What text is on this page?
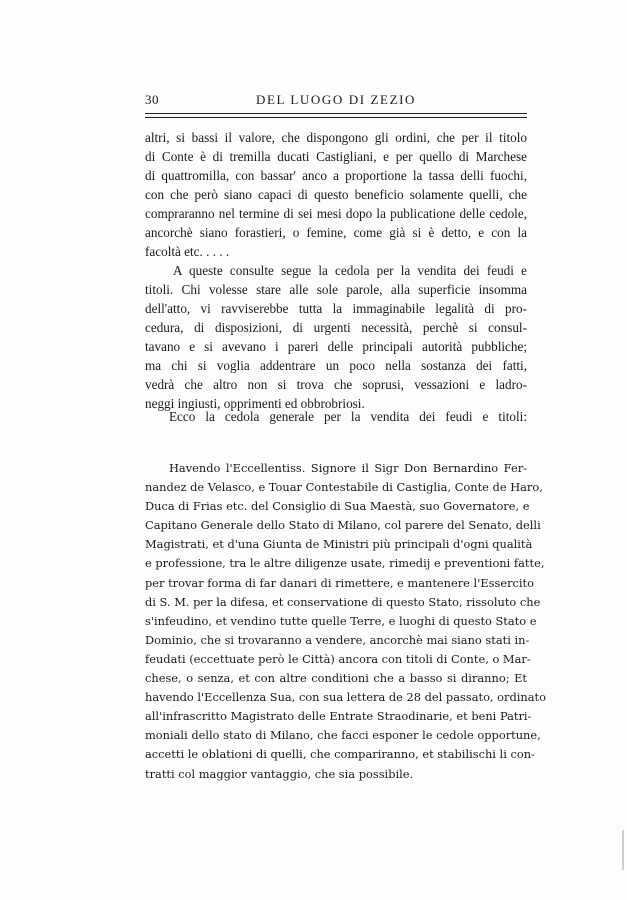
30	DEL LUOGO DI ZEZIO
altri, si bassi il valore, che dispongono gli ordini, che per il titolo
di Conte è di tremilla ducati Castigliani, e per quello di Marchese
di quattromilla, con bassar' anco a proportione la tassa delli fuochi,
con che però siano capaci di questo beneficio solamente quelli, che
compraranno nel termine di sei mesi dopo la publicatione delle cedole,
ancorchè siano forastieri, o femine, come già si è detto, e con la
facoltà etc. . . . .
A queste consulte segue la cedola per la vendita dei feudi e
titoli. Chi volesse stare alle sole parole, alla superficie insomma
dell'atto, vi ravviserebbe tutta la immaginabile legalità di pro-
cedura, di disposizioni, di urgenti necessità, perchè si consul-
tavano e si avevano i pareri delle principali autorità pubbliche;
ma chi si voglia addentrare un poco nella sostanza dei fatti,
vedrà che altro non si trova che soprusi, vessazioni e ladro-
neggi ingiusti, opprimenti ed obbrobriosi.
Ecco la cedola generale per la vendita dei feudi e titoli:
Havendo l'Eccellentiss. Signore il Sigr Don Bernardino Fer-
nandez de Velasco, e Touar Contestabile di Castiglia, Conte de Haro,
Duca di Frias etc. del Consiglio di Sua Maestà, suo Governatore, e
Capitano Generale dello Stato di Milano, col parere del Senato, delli
Magistrati, et d'una Giunta de Ministri più principali d'ogni qualità
e professione, tra le altre diligenze usate, rimedij e preventioni fatte,
per trovar forma di far danari di rimettere, e mantenere l'Essercito
di S. M. per la difesa, et conservatione di questo Stato, rissoluto che
s'infeudino, et vendino tutte quelle Terre, e luoghi di questo Stato e
Dominio, che si trovaranno a vendere, ancorchè mai siano stati in-
feudati (eccettuate però le Città) ancora con titoli di Conte, o Mar-
chese, o senza, et con altre conditioni che a basso si diranno; Et
havendo l'Eccellenza Sua, con sua lettera de 28 del passato, ordinato
all'infrascritto Magistrato delle Entrate Straodinarie, et beni Patri-
moniali dello stato di Milano, che facci esponer le cedole opportune,
accetti le oblationi di quelli, che compariranno, et stabilischi li con-
tratti col maggior vantaggio, che sia possibile.
